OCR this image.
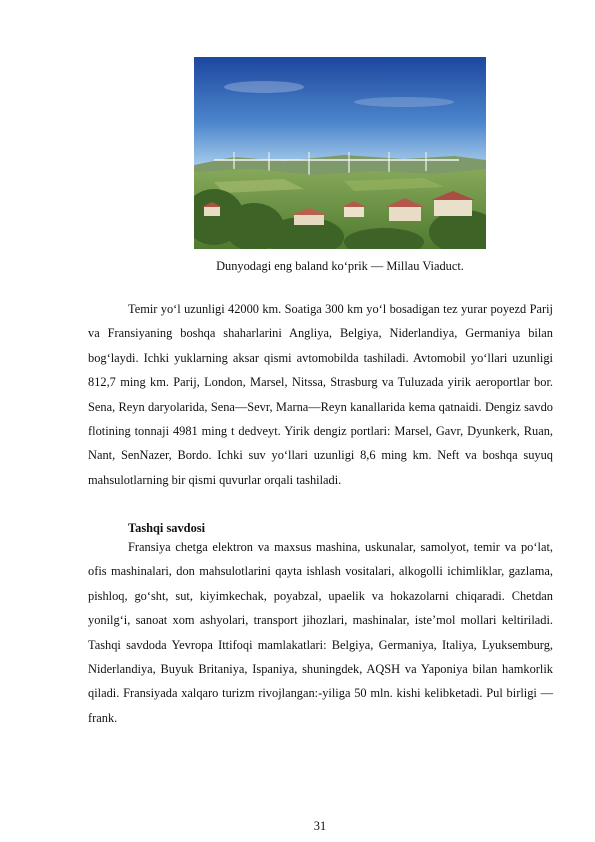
Dunyodagi eng baland ko‘prik — Millau Viaduct.

Temir yo‘l uzunligi 42000 km. Soatiga 300 km yo‘l bosadigan tez yurar poyezd Parij va Fransiyaning boshqa shaharlarini Angliya, Belgiya, Niderlandiya, Germaniya bilan bog‘laydi. Ichki yuklarning aksar qismi avtomobilda tashiladi. Avtomobil yo‘llari uzunligi 812,7 ming km. Parij, London, Marsel, Nitssa, Strasburg va Tuluzada yirik aeroportlar bor. Sena, Reyn daryolarida, Sena—Sevr, Marna—Reyn kanallarida kema qatnaidi. Dengiz savdo flotining tonnaji 4981 ming t dedveyt. Yirik dengiz portlari: Marsel, Gavr, Dyunkerk, Ruan, Nant, SenNazer, Bordo. Ichki suv yo‘llari uzunligi 8,6 ming km. Neft va boshqa suyuq mahsulotlarning bir qismi quvurlar orqali tashiladi.

Tashqi savdosi

Fransiya chetga elektron va maxsus mashina, uskunalar, samolyot, temir va po‘lat, ofis mashinalari, don mahsulotlarini qayta ishlash vositalari, alkogolli ichimliklar, gazlama, pishloq, go‘sht, sut, kiyimkechak, poyabzal, upaelik va hokazolarni chiqaradi. Chetdan yonilg‘i, sanoat xom ashyolari, transport jihozlari, mashinalar, iste’mol mollari keltiriladi. Tashqi savdoda Yevropa Ittifoqi mamlakatlari: Belgiya, Germaniya, Italiya, Lyuksemburg, Niderlandiya, Buyuk Britaniya, Ispaniya, shuningdek, AQSH va Yaponiya bilan hamkorlik qiladi. Fransiyada xalqaro turizm rivojlangan:-yiliga 50 mln. kishi kelibketadi. Pul birligi — frank.

31
